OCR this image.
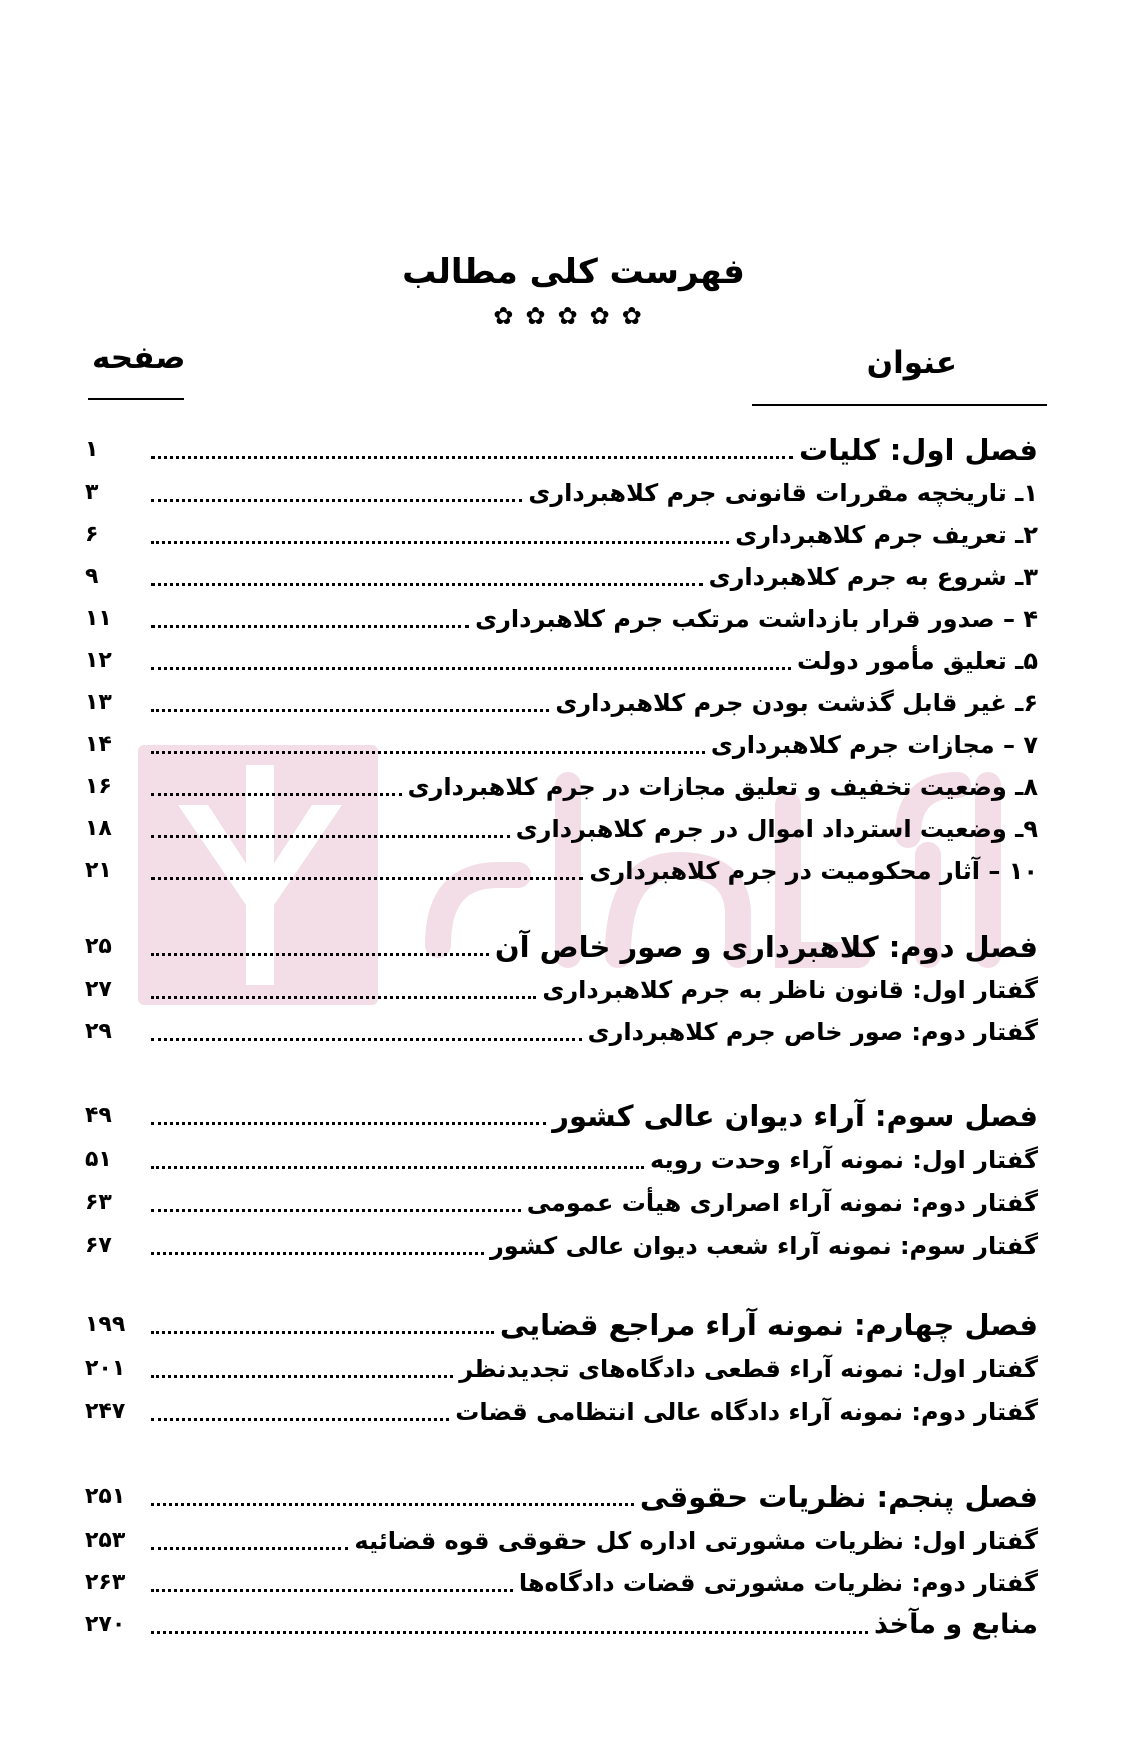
فهرست کلی مطالب
✿✿✿✿✿
عنوان
صفحه
فصل اول: کلیات
۱
۱ـ تاریخچه مقررات قانونی جرم کلاهبرداری
۳
۲ـ تعریف جرم کلاهبرداری
۶
۳ـ شروع به جرم کلاهبرداری
۹
۴ – صدور قرار بازداشت مرتکب جرم کلاهبرداری
۱۱
۵ـ تعلیق مأمور دولت
۱۲
۶ـ غیر قابل گذشت بودن جرم کلاهبرداری
۱۳
۷ – مجازات جرم کلاهبرداری
۱۴
۸ـ وضعیت تخفیف و تعلیق مجازات در جرم کلاهبرداری
۱۶
۹ـ وضعیت استرداد اموال در جرم کلاهبرداری
۱۸
۱۰ – آثار محکومیت در جرم کلاهبرداری
۲۱
فصل دوم: کلاهبرداری و صور خاص آن
۲۵
گفتار اول: قانون ناظر به جرم کلاهبرداری
۲۷
گفتار دوم: صور خاص جرم کلاهبرداری
۲۹
فصل سوم: آراء دیوان عالی کشور
۴۹
گفتار اول: نمونه آراء وحدت رویه
۵۱
گفتار دوم: نمونه آراء اصراری هیأت عمومی
۶۳
گفتار سوم: نمونه آراء شعب دیوان عالی کشور
۶۷
فصل چهارم: نمونه آراء مراجع قضایی
۱۹۹
گفتار اول: نمونه آراء قطعی دادگاه‌های تجدیدنظر
۲۰۱
گفتار دوم: نمونه آراء دادگاه عالی انتظامی قضات
۲۴۷
فصل پنجم: نظریات حقوقی
۲۵۱
گفتار اول: نظریات مشورتی اداره کل حقوقی قوه قضائیه
۲۵۳
گفتار دوم: نظریات مشورتی قضات دادگاه‌ها
۲۶۳
منابع و مآخذ
۲۷۰
